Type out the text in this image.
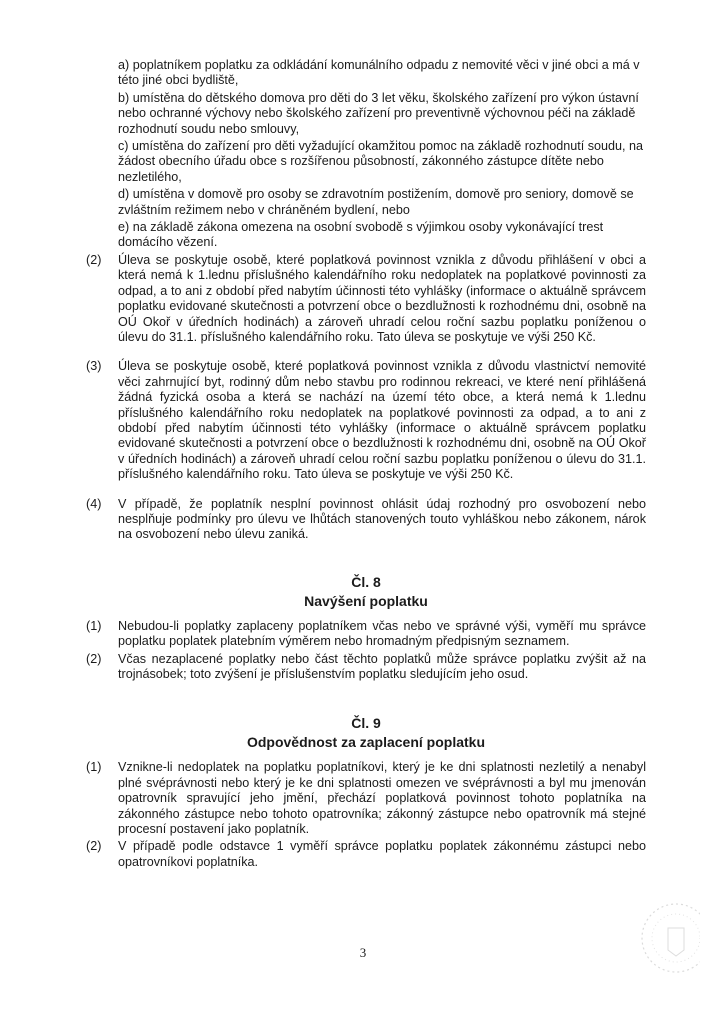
a) poplatníkem poplatku za odkládání komunálního odpadu z nemovité věci v jiné obci a má v této jiné obci bydliště,

b) umístěna do dětského domova pro děti do 3 let věku, školského zařízení pro výkon ústavní nebo ochranné výchovy nebo školského zařízení pro preventivně výchovnou péči na základě rozhodnutí soudu nebo smlouvy,

c) umístěna do zařízení pro děti vyžadující okamžitou pomoc na základě rozhodnutí soudu, na žádost obecního úřadu obce s rozšířenou působností, zákonného zástupce dítěte nebo nezletilého,

d) umístěna v domově pro osoby se zdravotním postižením, domově pro seniory, domově se zvláštním režimem nebo v chráněném bydlení, nebo

e) na základě zákona omezena na osobní svobodě s výjimkou osoby vykonávající trest domácího vězení.

(2)	Úleva se poskytuje osobě, které poplatková povinnost vznikla z důvodu přihlášení v obci a která nemá k 1.lednu příslušného kalendářního roku nedoplatek na poplatkové povinnosti za odpad, a to ani z období před nabytím účinnosti této vyhlášky (informace o aktuálně správcem poplatku evidované skutečnosti a potvrzení obce o bezdlužnosti k rozhodnému dni, osobně na OÚ Okoř v úředních hodinách) a zároveň uhradí celou roční sazbu poplatku poníženou o úlevu do 31.1. příslušného kalendářního roku. Tato úleva se poskytuje ve výši 250 Kč.
(3)	Úleva se poskytuje osobě, které poplatková povinnost vznikla z důvodu vlastnictví nemovité věci zahrnující byt, rodinný dům nebo stavbu pro rodinnou rekreaci, ve které není přihlášená žádná fyzická osoba a která se nachází na území této obce, a která nemá k 1.lednu příslušného kalendářního roku nedoplatek na poplatkové povinnosti za odpad, a to ani z období před nabytím účinnosti této vyhlášky (informace o aktuálně správcem poplatku evidované skutečnosti a potvrzení obce o bezdlužnosti k rozhodnému dni, osobně na OÚ Okoř v úředních hodinách) a zároveň uhradí celou roční sazbu poplatku poníženou o úlevu do 31.1. příslušného kalendářního roku. Tato úleva se poskytuje ve výši 250 Kč.
(4)	V případě, že poplatník nesplní povinnost ohlásit údaj rozhodný pro osvobození nebo nesplňuje podmínky pro úlevu ve lhůtách stanovených touto vyhláškou nebo zákonem, nárok na osvobození nebo úlevu zaniká.
Čl. 8
Navýšení poplatku
(1)	Nebudou-li poplatky zaplaceny poplatníkem včas nebo ve správné výši, vyměří mu správce poplatku poplatek platebním výměrem nebo hromadným předpisným seznamem.
(2)	Včas nezaplacené poplatky nebo část těchto poplatků může správce poplatku zvýšit až na trojnásobek; toto zvýšení je příslušenstvím poplatku sledujícím jeho osud.
Čl. 9
Odpovědnost za zaplacení poplatku
(1)	Vznikne-li nedoplatek na poplatku poplatníkovi, který je ke dni splatnosti nezletilý a nenabyl plné svéprávnosti nebo který je ke dni splatnosti omezen ve svéprávnosti a byl mu jmenován opatrovník spravující jeho jmění, přechází poplatková povinnost tohoto poplatníka na zákonného zástupce nebo tohoto opatrovníka; zákonný zástupce nebo opatrovník má stejné procesní postavení jako poplatník.
(2)	V případě podle odstavce 1 vyměří správce poplatku poplatek zákonnému zástupci nebo opatrovníkovi poplatníka.
3
